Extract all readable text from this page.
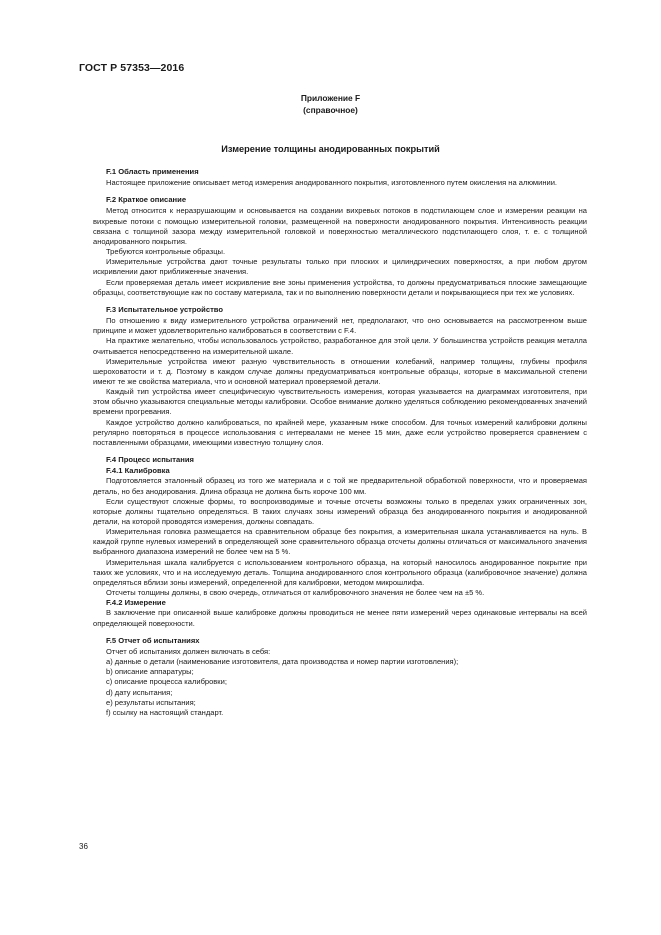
ГОСТ Р 57353—2016
Приложение F
(справочное)
Измерение толщины анодированных покрытий
F.1 Область применения

Настоящее приложение описывает метод измерения анодированного покрытия, изготовленного путем окисления на алюминии.

F.2 Краткое описание

Метод относится к неразрушающим и основывается на создании вихревых потоков в подстилающем слое и измерении реакции на вихревые потоки с помощью измерительной головки, размещенной на поверхности анодированного покрытия. Интенсивность реакции связана с толщиной зазора между измерительной головкой и поверхностью металлического подстилающего слоя, т. е. с толщиной анодированного покрытия.

Требуются контрольные образцы.

Измерительные устройства дают точные результаты только при плоских и цилиндрических поверхностях, а при любом другом искривлении дают приближенные значения.

Если проверяемая деталь имеет искривление вне зоны применения устройства, то должны предусматриваться плоские замещающие образцы, соответствующие как по составу материала, так и по выполнению поверхности детали и покрывающиеся при тех же условиях.

F.3 Испытательное устройство

По отношению к виду измерительного устройства ограничений нет, предполагают, что оно основывается на рассмотренном выше принципе и может удовлетворительно калиброваться в соответствии с F.4.

На практике желательно, чтобы использовалось устройство, разработанное для этой цели. У большинства устройств реакция металла очитывается непосредственно на измерительной шкале.

Измерительные устройства имеют разную чувствительность в отношении колебаний, например толщины, глубины профиля шероховатости и т. д. Поэтому в каждом случае должны предусматриваться контрольные образцы, которые в максимальной степени имеют те же свойства материала, что и основной материал проверяемой детали.

Каждый тип устройства имеет специфическую чувствительность измерения, которая указывается на диаграммах изготовителя, при этом обычно указываются специальные методы калибровки. Особое внимание должно уделяться соблюдению рекомендованных значений времени прогревания.

Каждое устройство должно калиброваться, по крайней мере, указанным ниже способом. Для точных измерений калибровки должны регулярно повторяться в процессе использования с интервалами не менее 15 мин, даже если устройство проверяется сравнением с поставленными образцами, имеющими известную толщину слоя.

F.4 Процесс испытания
F.4.1 Калибровка

Подготовляется эталонный образец из того же материала и с той же предварительной обработкой поверхности, что и проверяемая деталь, но без анодирования. Длина образца не должна быть короче 100 мм.

Если существуют сложные формы, то воспроизводимые и точные отсчеты возможны только в пределах узких ограниченных зон, которые должны тщательно определяться. В таких случаях зоны измерений образца без анодированного покрытия и анодированной детали, на которой проводятся измерения, должны совпадать.

Измерительная головка размещается на сравнительном образце без покрытия, а измерительная шкала устанавливается на нуль. В каждой группе нулевых измерений в определяющей зоне сравнительного образца отсчеты должны отличаться от максимального значения выбранного диапазона измерений не более чем на 5 %.

Измерительная шкала калибруется с использованием контрольного образца, на который наносилось анодированное покрытие при таких же условиях, что и на исследуемую деталь. Толщина анодированного слоя контрольного образца (калибровочное значение) должна определяться вблизи зоны измерений, определенной для калибровки, методом микрошлифа.

Отсчеты толщины должны, в свою очередь, отличаться от калибровочного значения не более чем на ±5 %.

F.4.2 Измерение

В заключение при описанной выше калибровке должны проводиться не менее пяти измерений через одинаковые интервалы на всей определяющей поверхности.

F.5 Отчет об испытаниях

Отчет об испытаниях должен включать в себя:

a) данные о детали (наименование изготовителя, дата производства и номер партии изготовления);

b) описание аппаратуры;

c) описание процесса калибровки;

d) дату испытания;

e) результаты испытания;

f) ссылку на настоящий стандарт.

36
